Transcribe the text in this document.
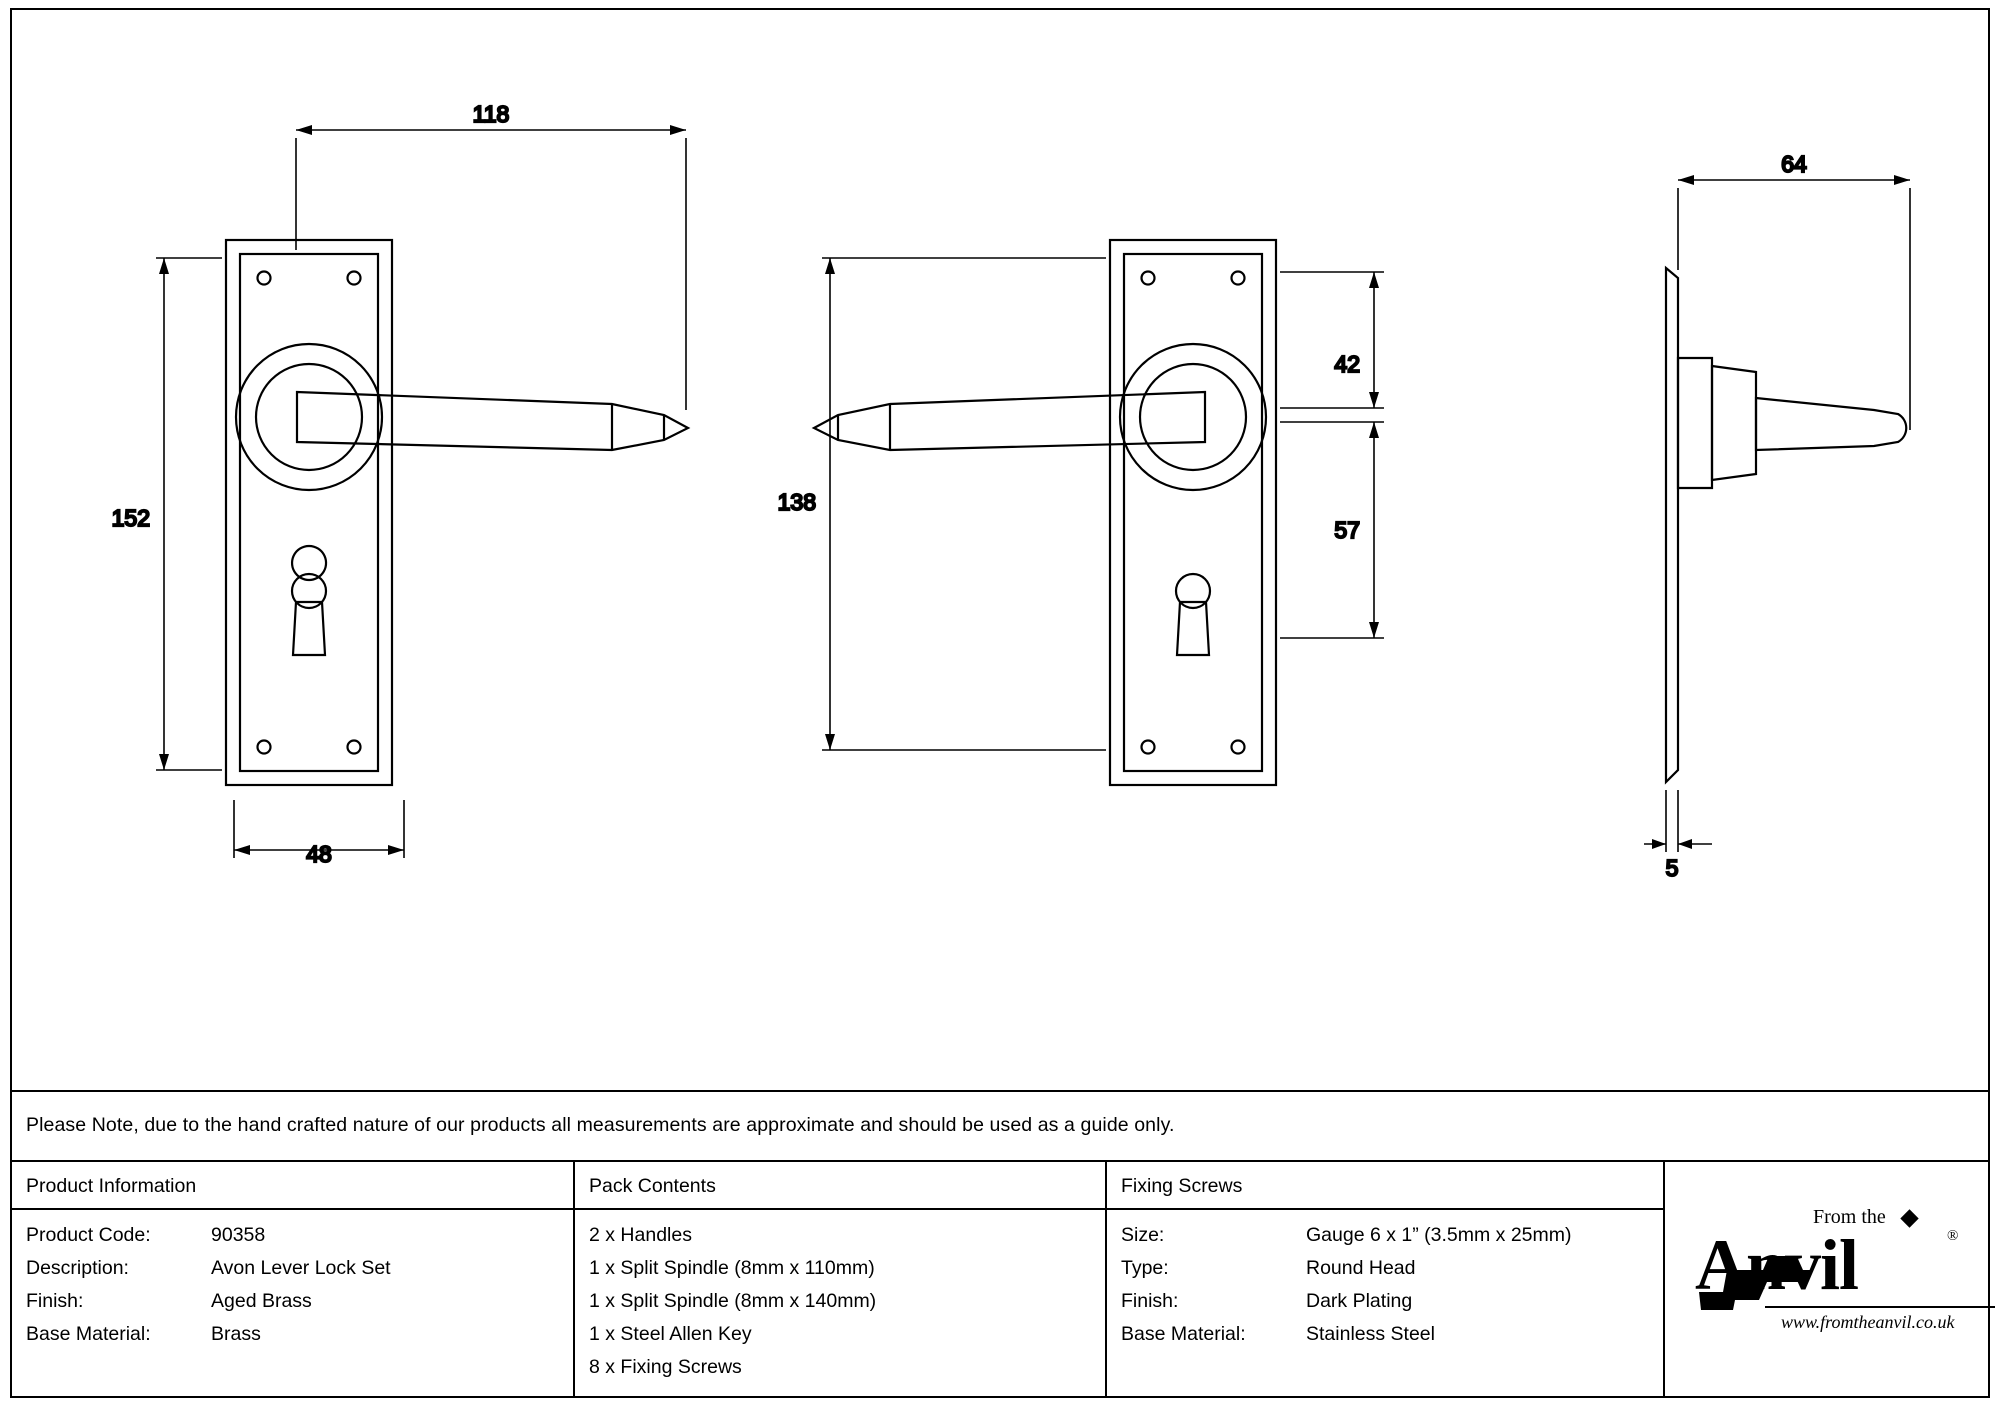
118
152
48
138
42
57
64
5
Please Note, due to the hand crafted nature of our products all measurements are approximate and should be used as a guide only.
Product Information
Product Code:	90358
Description:	Avon Lever Lock Set
Finish:	Aged Brass
Base Material:	Brass
Pack Contents
2 x Handles
1 x Split Spindle (8mm x 110mm)
1 x Split Spindle (8mm x 140mm)
1 x Steel Allen Key
8 x Fixing Screws
Fixing Screws
Size:	Gauge 6 x 1” (3.5mm x 25mm)
Type:	Round Head
Finish:	Dark Plating
Base Material:	Stainless Steel
From the
Anvil	®
www.fromtheanvil.co.uk
